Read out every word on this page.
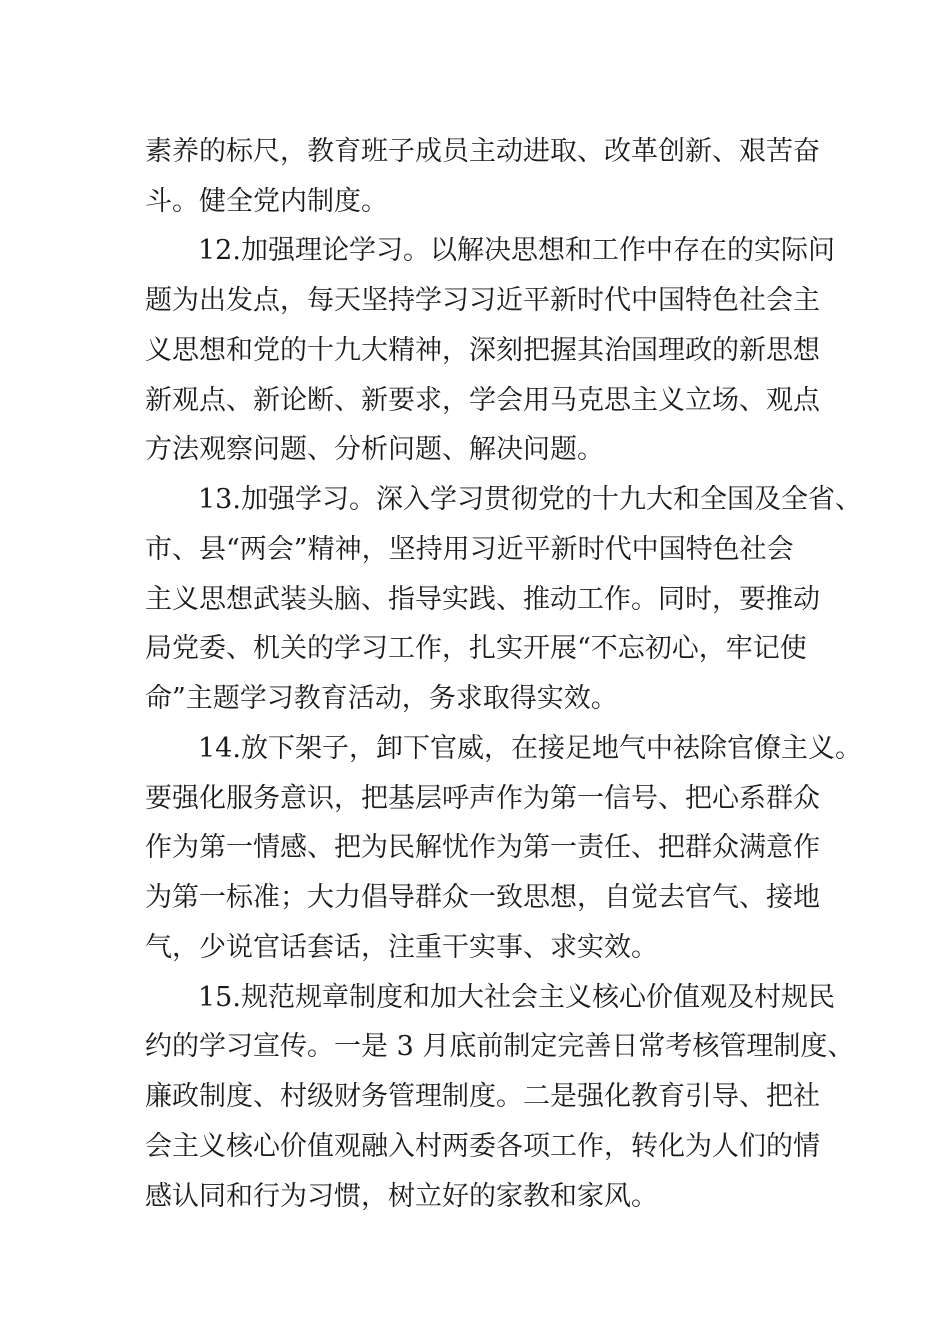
素养的标尺，教育班子成员主动进取、改革创新、艰苦奋
斗。健全党内制度。
12.加强理论学习。以解决思想和工作中存在的实际问
题为出发点，每天坚持学习习近平新时代中国特色社会主
义思想和党的十九大精神，深刻把握其治国理政的新思想
新观点、新论断、新要求，学会用马克思主义立场、观点
方法观察问题、分析问题、解决问题。
13.加强学习。深入学习贯彻党的十九大和全国及全省、
市、县“两会”精神，坚持用习近平新时代中国特色社会
主义思想武装头脑、指导实践、推动工作。同时，要推动
局党委、机关的学习工作，扎实开展“不忘初心，牢记使
命”主题学习教育活动，务求取得实效。
14.放下架子，卸下官威，在接足地气中祛除官僚主义。
要强化服务意识，把基层呼声作为第一信号、把心系群众
作为第一情感、把为民解忧作为第一责任、把群众满意作
为第一标准；大力倡导群众一致思想，自觉去官气、接地
气，少说官话套话，注重干实事、求实效。
15.规范规章制度和加大社会主义核心价值观及村规民
约的学习宣传。一是 3 月底前制定完善日常考核管理制度、
廉政制度、村级财务管理制度。二是强化教育引导、把社
会主义核心价值观融入村两委各项工作，转化为人们的情
感认同和行为习惯，树立好的家教和家风。
